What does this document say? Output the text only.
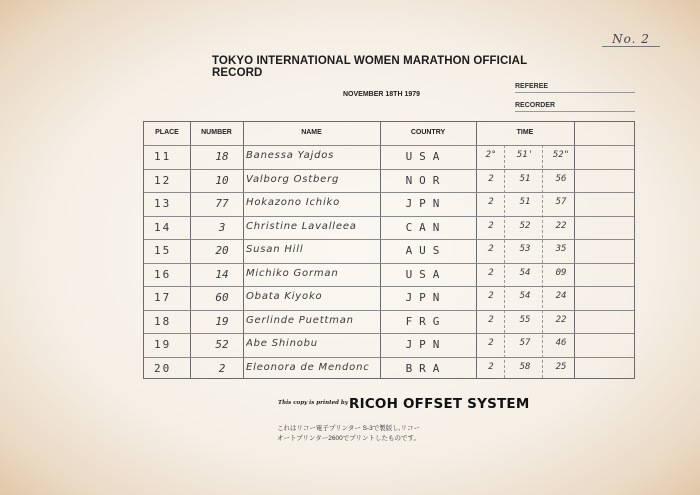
No. 2
TOKYO INTERNATIONAL WOMEN MARATHON OFFICIAL RECORD
NOVEMBER 18TH 1979
REFEREE
RECORDER
PLACE	NUMBER	NAME	COUNTRY	TIME
11	18	Banessa Yajdos	USA	2°	51'	52"
12	10	Valborg Ostberg	NOR	2	51	56
13	77	Hokazono Ichiko	JPN	2	51	57
14	3	Christine Lavalleea	CAN	2	52	22
15	20	Susan Hill	AUS	2	53	35
16	14	Michiko Gorman	USA	2	54	09
17	60	Obata Kiyoko	JPN	2	54	24
18	19	Gerlinde Puettman	FRG	2	55	22
19	52	Abe Shinobu	JPN	2	57	46
20	2	Eleonora de Mendonc	BRA	2	58	25
This copy is printed by RICOH OFFSET SYSTEM
これはリコー電子プリンター S-3で製版し,リコー
オートプリンター2600でプリントしたものです。
